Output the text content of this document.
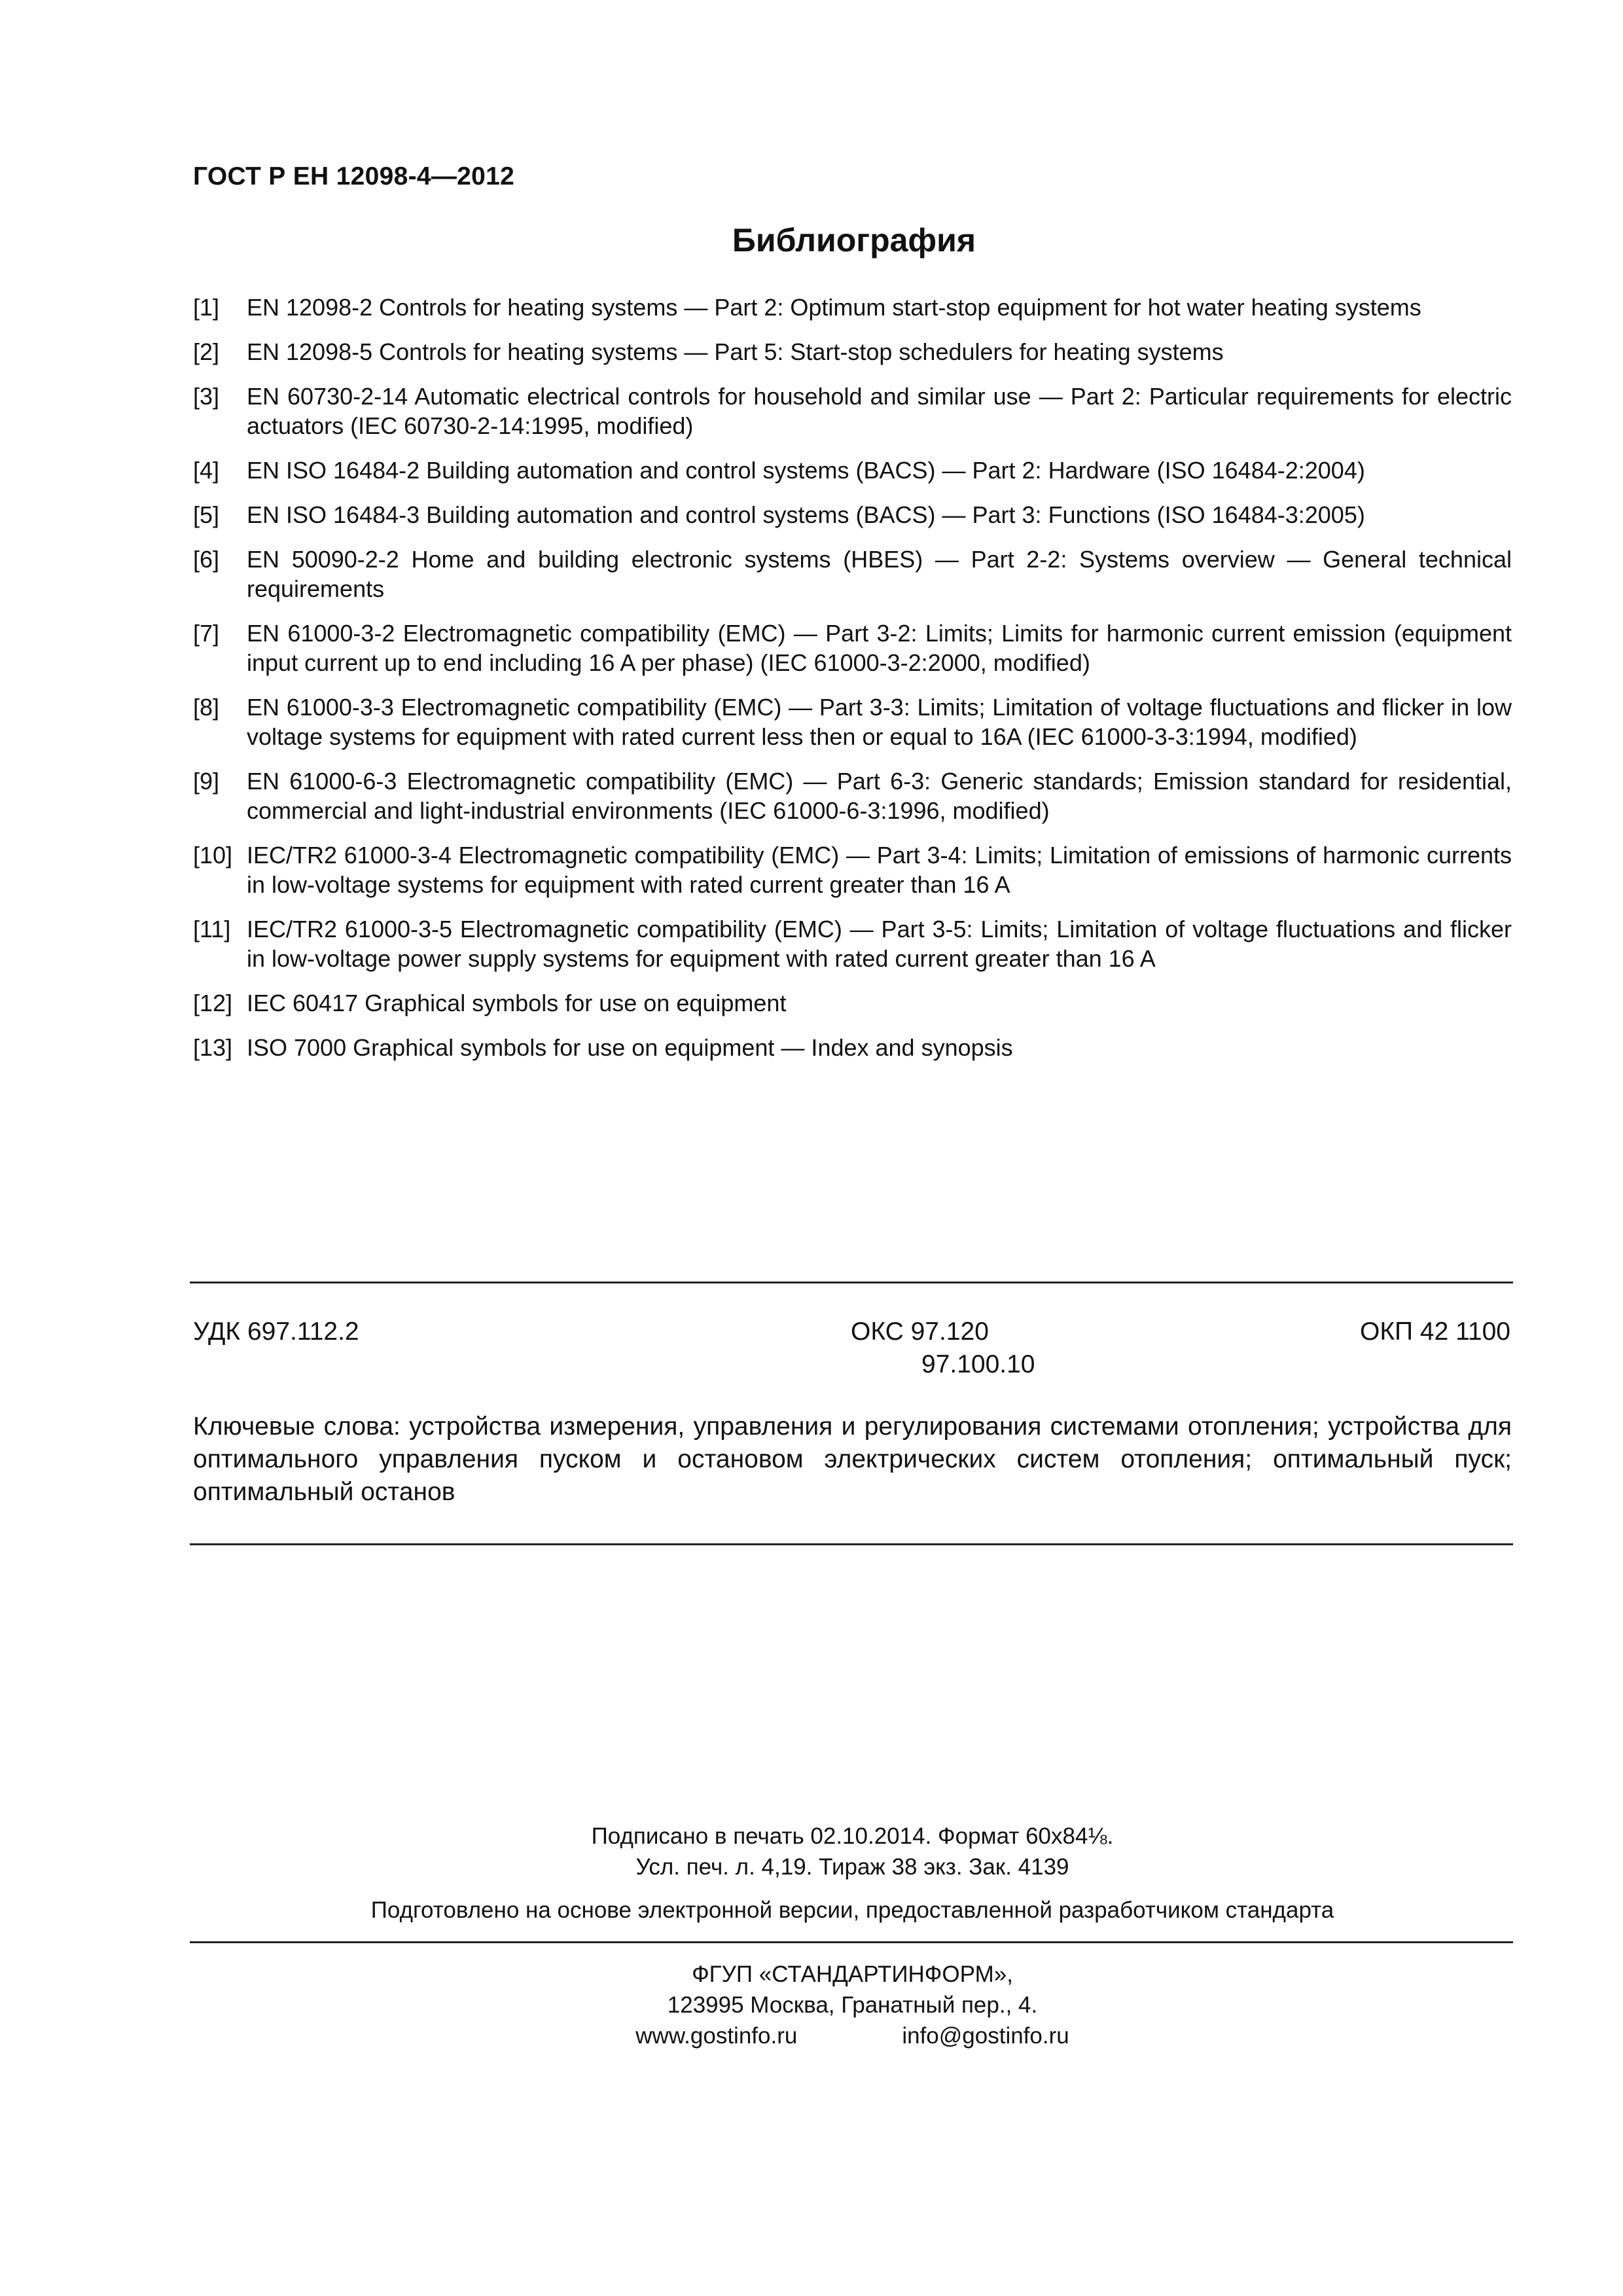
ГОСТ Р ЕН 12098-4—2012
Библиография
[1]	EN 12098-2 Controls for heating systems — Part 2: Optimum start-stop equipment for hot water heating systems
[2]	EN 12098-5 Controls for heating systems — Part 5: Start-stop schedulers for heating systems
[3]	EN 60730-2-14 Automatic electrical controls for household and similar use — Part 2: Particular requirements for electric actuators (IEC 60730-2-14:1995, modified)
[4]	EN ISO 16484-2 Building automation and control systems (BACS) — Part 2: Hardware (ISO 16484-2:2004)
[5]	EN ISO 16484-3 Building automation and control systems (BACS) — Part 3: Functions (ISO 16484-3:2005)
[6]	EN 50090-2-2 Home and building electronic systems (HBES) — Part 2-2: Systems overview — General technical requirements
[7]	EN 61000-3-2 Electromagnetic compatibility (EMC) — Part 3-2: Limits; Limits for harmonic current emission (equipment input current up to end including 16 A per phase) (IEC 61000-3-2:2000, modified)
[8]	EN 61000-3-3 Electromagnetic compatibility (EMC) — Part 3-3: Limits; Limitation of voltage fluctuations and flicker in low voltage systems for equipment with rated current less then or equal to 16A (IEC 61000-3-3:1994, modified)
[9]	EN 61000-6-3 Electromagnetic compatibility (EMC) — Part 6-3: Generic standards; Emission standard for residential, commercial and light-industrial environments (IEC 61000-6-3:1996, modified)
[10] IEC/TR2 61000-3-4 Electromagnetic compatibility (EMC) — Part 3-4: Limits; Limitation of emissions of harmonic currents in low-voltage systems for equipment with rated current greater than 16 A
[11] IEC/TR2 61000-3-5 Electromagnetic compatibility (EMC) — Part 3-5: Limits; Limitation of voltage fluctuations and flicker in low-voltage power supply systems for equipment with rated current greater than 16 A
[12] IEC 60417 Graphical symbols for use on equipment
[13] ISO 7000 Graphical symbols for use on equipment — Index and synopsis
УДК 697.112.2	ОКС 97.120
97.100.10
ОКП 42 1100
Ключевые слова: устройства измерения, управления и регулирования системами отопления; устройства для оптимального управления пуском и остановом электрических систем отопления; оптимальный пуск; оптимальный останов

Подписано в печать 02.10.2014. Формат 60x84⅛.

Усл. печ. л. 4,19. Тираж 38 экз. Зак. 4139

Подготовлено на основе электронной версии, предоставленной разработчиком стандарта

ФГУП «СТАНДАРТИНФОРМ»,

123995 Москва, Гранатный пер., 4.

www.gostinfo.ru	info@gostinfo.ru
